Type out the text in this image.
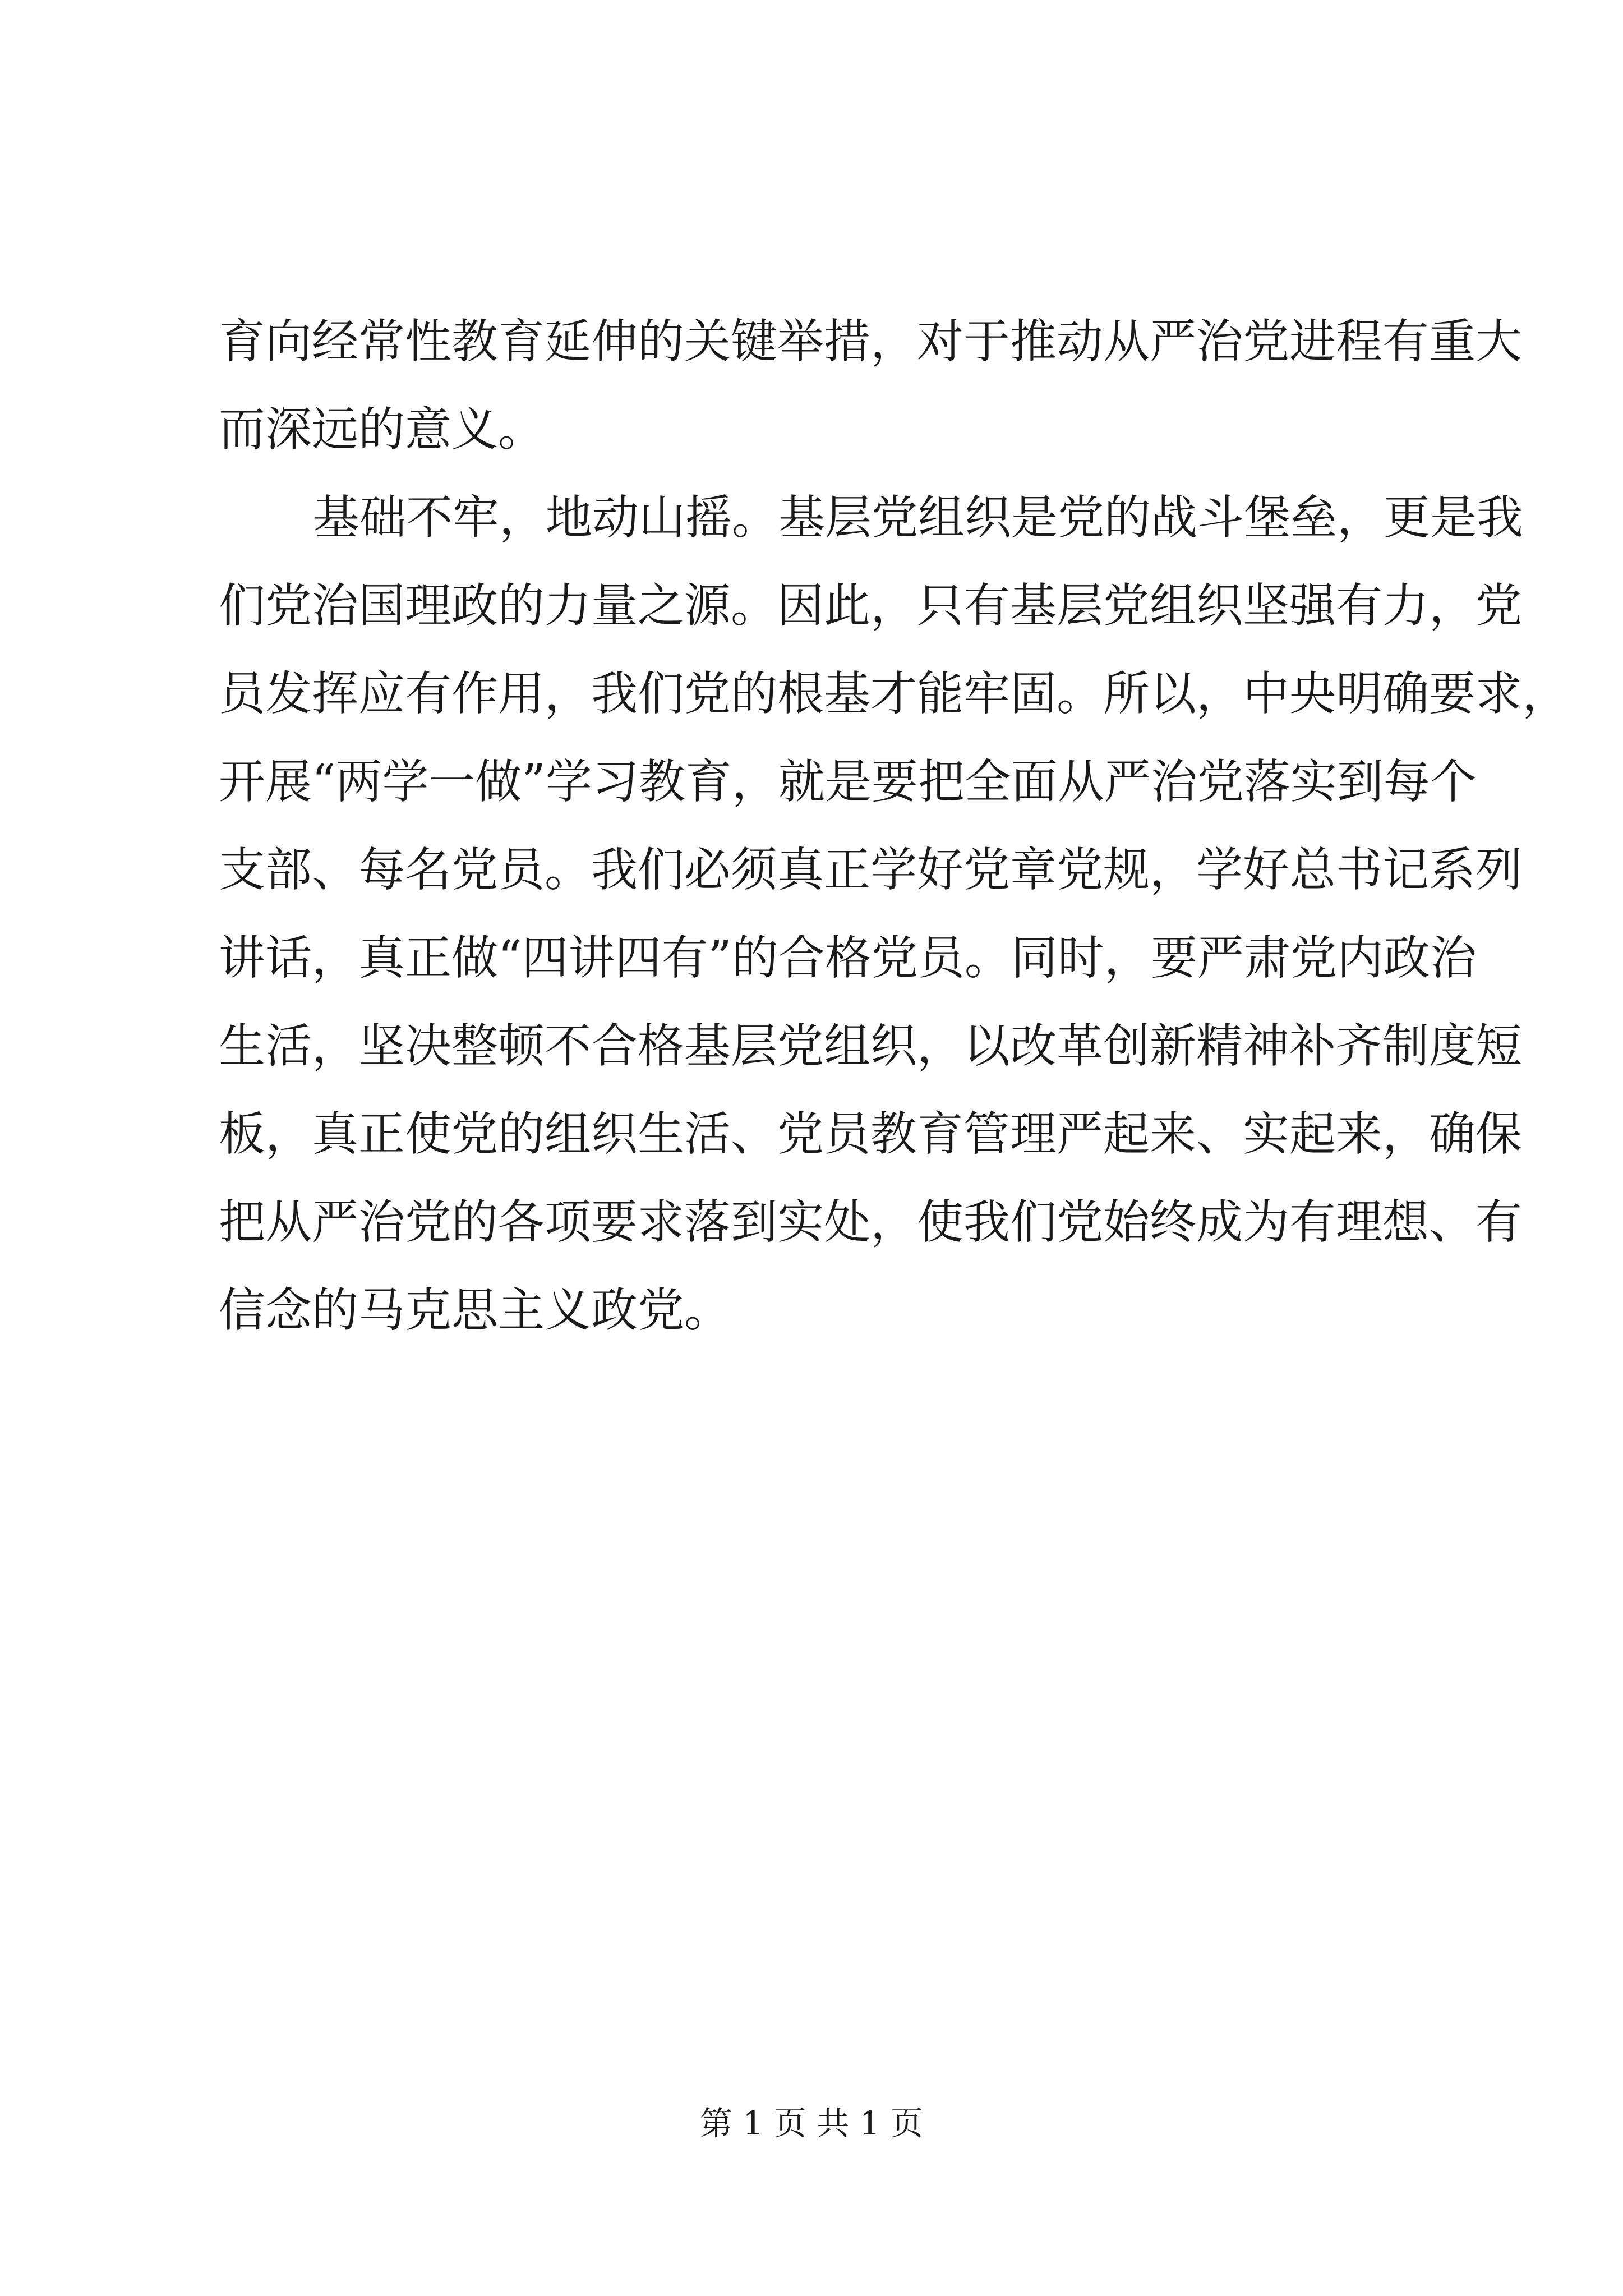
育向经常性教育延伸的关键举措，对于推动从严治党进程有重大
而深远的意义。
基础不牢，地动山摇。基层党组织是党的战斗堡垒，更是我
们党治国理政的力量之源。因此，只有基层党组织坚强有力，党
员发挥应有作用，我们党的根基才能牢固。所以，中央明确要求，
开展“两学一做”学习教育，就是要把全面从严治党落实到每个
支部、每名党员。我们必须真正学好党章党规，学好总书记系列
讲话，真正做“四讲四有”的合格党员。同时，要严肃党内政治
生活，坚决整顿不合格基层党组织，以改革创新精神补齐制度短
板，真正使党的组织生活、党员教育管理严起来、实起来，确保
把从严治党的各项要求落到实处，使我们党始终成为有理想、有
信念的马克思主义政党。
第 1 页 共 1 页
